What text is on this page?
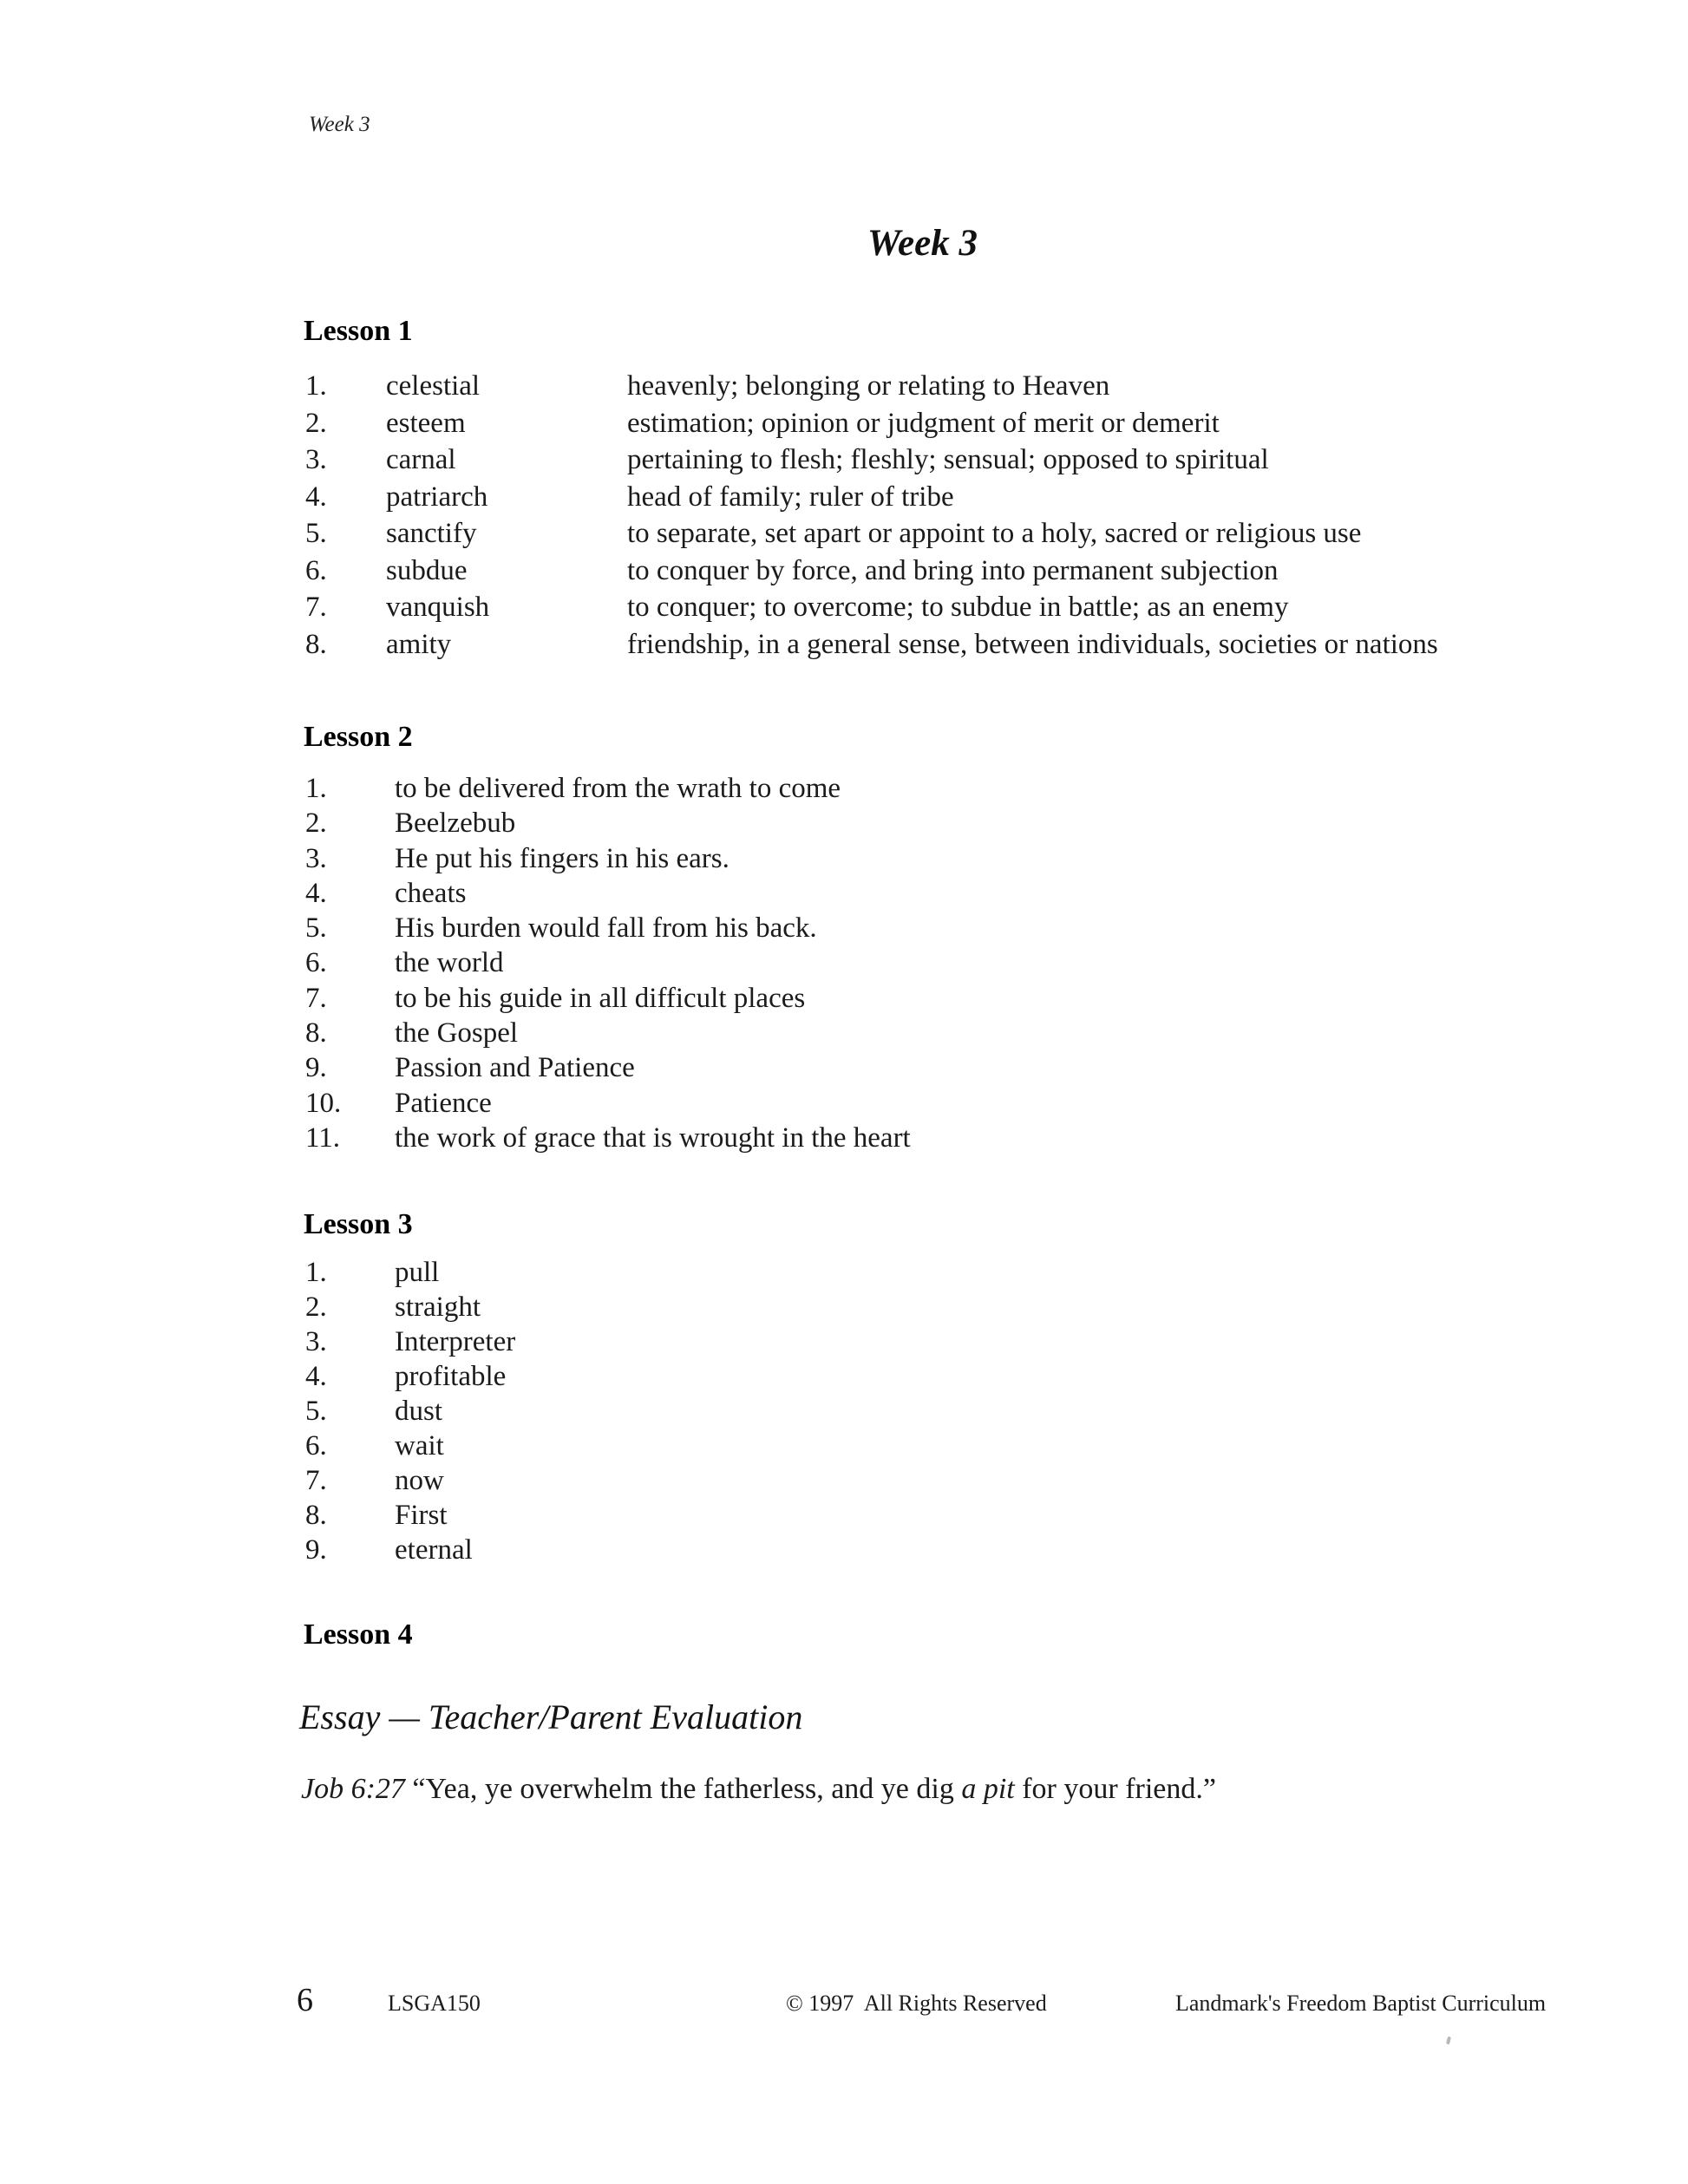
Week 3
Week 3
Lesson 1
1.	celestial	heavenly; belonging or relating to Heaven
2.	esteem	estimation; opinion or judgment of merit or demerit
3.	carnal	pertaining to flesh; fleshly; sensual; opposed to spiritual
4.	patriarch	head of family; ruler of tribe
5.	sanctify	to separate, set apart or appoint to a holy, sacred or religious use
6.	subdue	to conquer by force, and bring into permanent subjection
7.	vanquish	to conquer; to overcome; to subdue in battle; as an enemy
8.	amity	friendship, in a general sense, between individuals, societies or nations
Lesson 2
1.	to be delivered from the wrath to come
2.	Beelzebub
3.	He put his fingers in his ears.
4.	cheats
5.	His burden would fall from his back.
6.	the world
7.	to be his guide in all difficult places
8.	the Gospel
9.	Passion and Patience
10.	Patience
11.	the work of grace that is wrought in the heart
Lesson 3
1.	pull
2.	straight
3.	Interpreter
4.	profitable
5.	dust
6.	wait
7.	now
8.	First
9.	eternal
Lesson 4
Essay — Teacher/Parent Evaluation
Job 6:27 “Yea, ye overwhelm the fatherless, and ye dig a pit for your friend.”
6	LSGA150	© 1997  All Rights Reserved	Landmark's Freedom Baptist Curriculum
